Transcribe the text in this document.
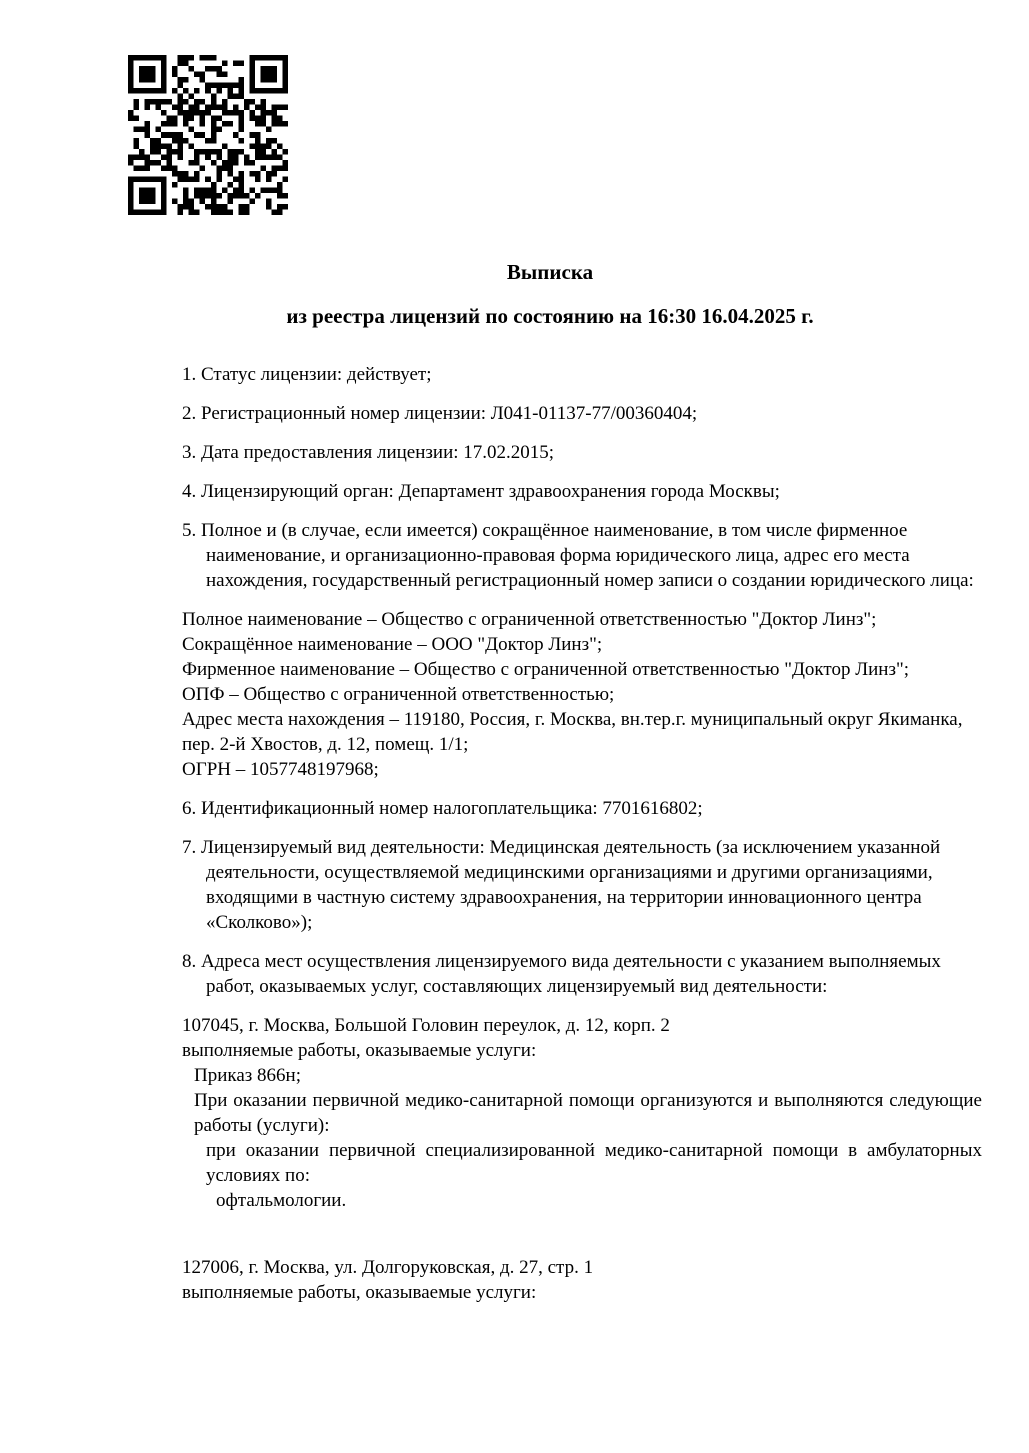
Выписка
из реестра лицензий по состоянию на 16:30 16.04.2025 г.

1. Статус лицензии: действует;

2. Регистрационный номер лицензии: Л041-01137-77/00360404;

3. Дата предоставления лицензии: 17.02.2015;

4. Лицензирующий орган: Департамент здравоохранения города Москвы;

5. Полное и (в случае, если имеется) сокращённое наименование, в том числе фирменное наименование, и организационно-правовая форма юридического лица, адрес его места нахождения, государственный регистрационный номер записи о создании юридического лица:

Полное наименование – Общество с ограниченной ответственностью "Доктор Линз";
Сокращённое наименование – ООО "Доктор Линз";
Фирменное наименование – Общество с ограниченной ответственностью "Доктор Линз";
ОПФ – Общество с ограниченной ответственностью;
Адрес места нахождения – 119180, Россия, г. Москва, вн.тер.г. муниципальный округ Якиманка, пер. 2-й Хвостов, д. 12, помещ. 1/1;
ОГРН – 1057748197968;

6. Идентификационный номер налогоплательщика: 7701616802;

7. Лицензируемый вид деятельности: Медицинская деятельность (за исключением указанной деятельности, осуществляемой медицинскими организациями и другими организациями, входящими в частную систему здравоохранения, на территории инновационного центра «Сколково»);

8. Адреса мест осуществления лицензируемого вида деятельности с указанием выполняемых работ, оказываемых услуг, составляющих лицензируемый вид деятельности:

107045, г. Москва, Большой Головин переулок, д. 12, корп. 2
выполняемые работы, оказываемые услуги:
Приказ 866н;
При оказании первичной медико-санитарной помощи организуются и выполняются следующие работы (услуги):
при оказании первичной специализированной медико-санитарной помощи в амбулаторных условиях по:
офтальмологии.
127006, г. Москва, ул. Долгоруковская, д. 27, стр. 1
выполняемые работы, оказываемые услуги:
